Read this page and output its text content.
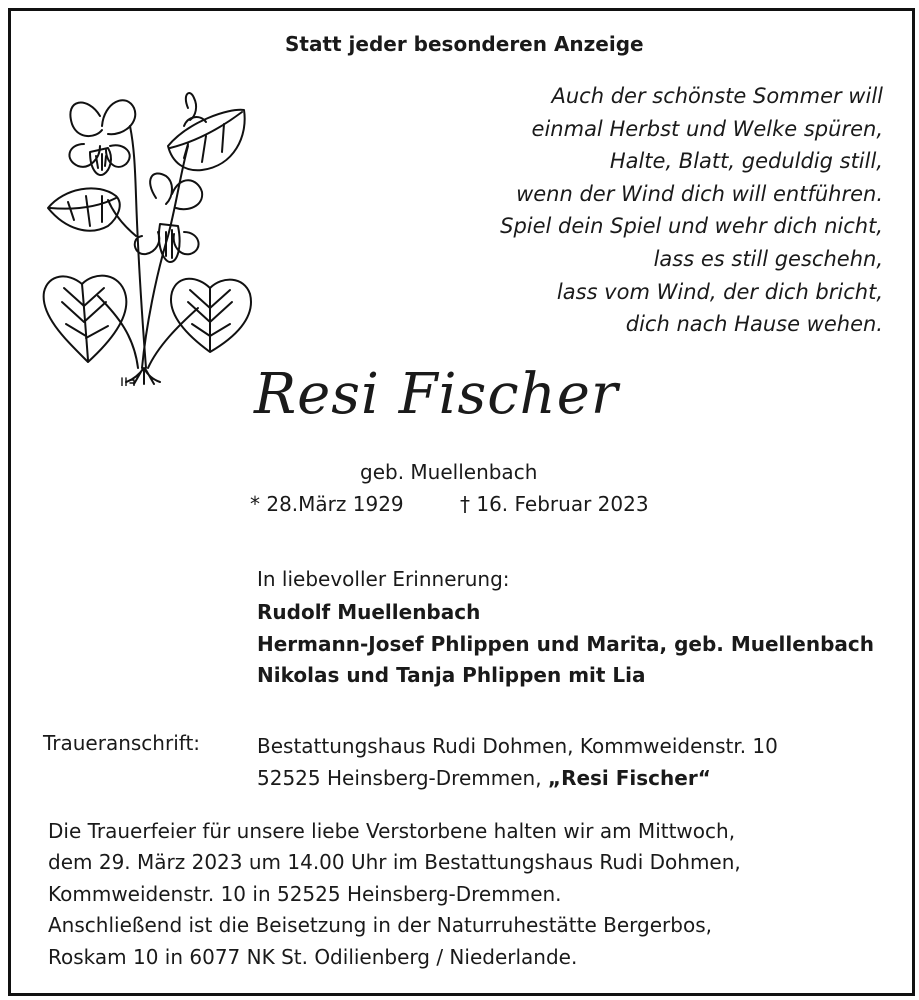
Statt jeder besonderen Anzeige
Auch der schönste Sommer will
einmal Herbst und Welke spüren,
Halte, Blatt, geduldig still,
wenn der Wind dich will entführen.
Spiel dein Spiel und wehr dich nicht,
lass es still geschehn,
lass vom Wind, der dich bricht,
dich nach Hause wehen.
Resi Fischer
geb. Muellenbach
* 28.März 1929	† 16. Februar 2023
In liebevoller Erinnerung:
Rudolf Muellenbach
Hermann-Josef Phlippen und Marita, geb. Muellenbach
Nikolas und Tanja Phlippen mit Lia
Traueranschrift:	Bestattungshaus Rudi Dohmen, Kommweidenstr. 10
52525 Heinsberg-Dremmen, „Resi Fischer“
Die Trauerfeier für unsere liebe Verstorbene halten wir am Mittwoch,
dem 29. März 2023 um 14.00 Uhr im Bestattungshaus Rudi Dohmen,
Kommweidenstr. 10 in 52525 Heinsberg-Dremmen.
Anschließend ist die Beisetzung in der Naturruhestätte Bergerbos,
Roskam 10 in 6077 NK St. Odilienberg / Niederlande.
